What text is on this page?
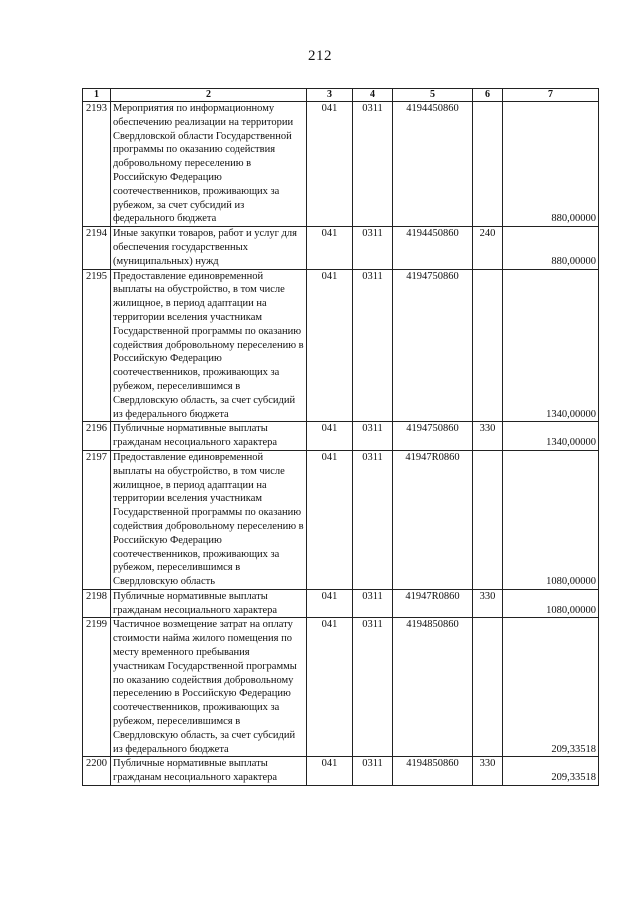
212
1	2	3	4	5	6	7
2193	Мероприятия по информационному обеспечению реализации на территории Свердловской области Государственной программы по оказанию содействия добровольному переселению в Российскую Федерацию соотечественников, проживающих за рубежом, за счет субсидий из федерального бюджета	041	0311	4194450860		880,00000
2194	Иные закупки товаров, работ и услуг для обеспечения государственных (муниципальных) нужд	041	0311	4194450860	240	880,00000
2195	Предоставление единовременной выплаты на обустройство, в том числе жилищное, в период адаптации на территории вселения участникам Государственной программы по оказанию содействия добровольному переселению в Российскую Федерацию соотечественников, проживающих за рубежом, переселившимся в Свердловскую область, за счет субсидий из федерального бюджета	041	0311	4194750860		1340,00000
2196	Публичные нормативные выплаты гражданам несоциального характера	041	0311	4194750860	330	1340,00000
2197	Предоставление единовременной выплаты на обустройство, в том числе жилищное, в период адаптации на территории вселения участникам Государственной программы по оказанию содействия добровольному переселению в Российскую Федерацию соотечественников, проживающих за рубежом, переселившимся в Свердловскую область	041	0311	41947R0860		1080,00000
2198	Публичные нормативные выплаты гражданам несоциального характера	041	0311	41947R0860	330	1080,00000
2199	Частичное возмещение затрат на оплату стоимости найма жилого помещения по месту временного пребывания участникам Государственной программы по оказанию содействия добровольному переселению в Российскую Федерацию соотечественников, проживающих за рубежом, переселившимся в Свердловскую область, за счет субсидий из федерального бюджета	041	0311	4194850860		209,33518
2200	Публичные нормативные выплаты гражданам несоциального характера	041	0311	4194850860	330	209,33518
